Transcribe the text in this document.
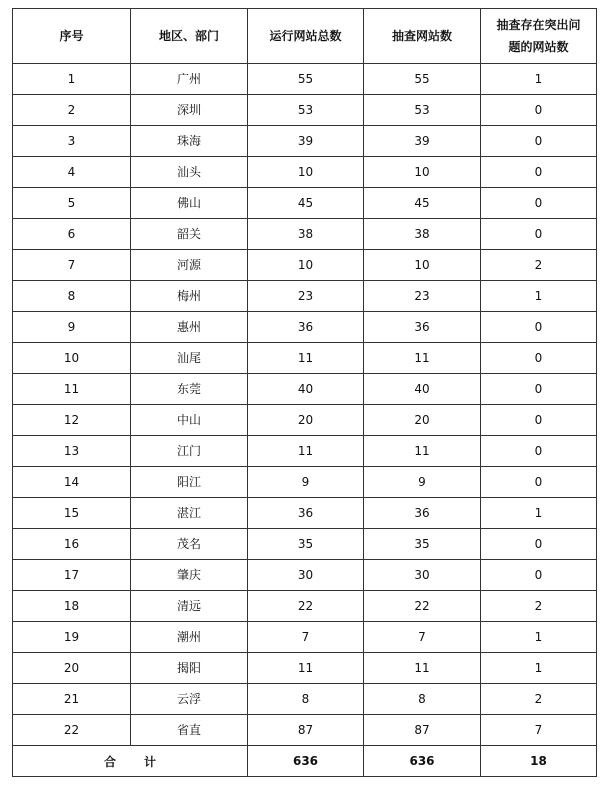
序号	地区、部门	运行网站总数	抽查网站数	抽查存在突出问题的网站数
1	广州	55	55	1
2	深圳	53	53	0
3	珠海	39	39	0
4	汕头	10	10	0
5	佛山	45	45	0
6	韶关	38	38	0
7	河源	10	10	2
8	梅州	23	23	1
9	惠州	36	36	0
10	汕尾	11	11	0
11	东莞	40	40	0
12	中山	20	20	0
13	江门	11	11	0
14	阳江	9	9	0
15	湛江	36	36	1
16	茂名	35	35	0
17	肇庆	30	30	0
18	清远	22	22	2
19	潮州	7	7	1
20	揭阳	11	11	1
21	云浮	8	8	2
22	省直	87	87	7
合计		636	636	18
